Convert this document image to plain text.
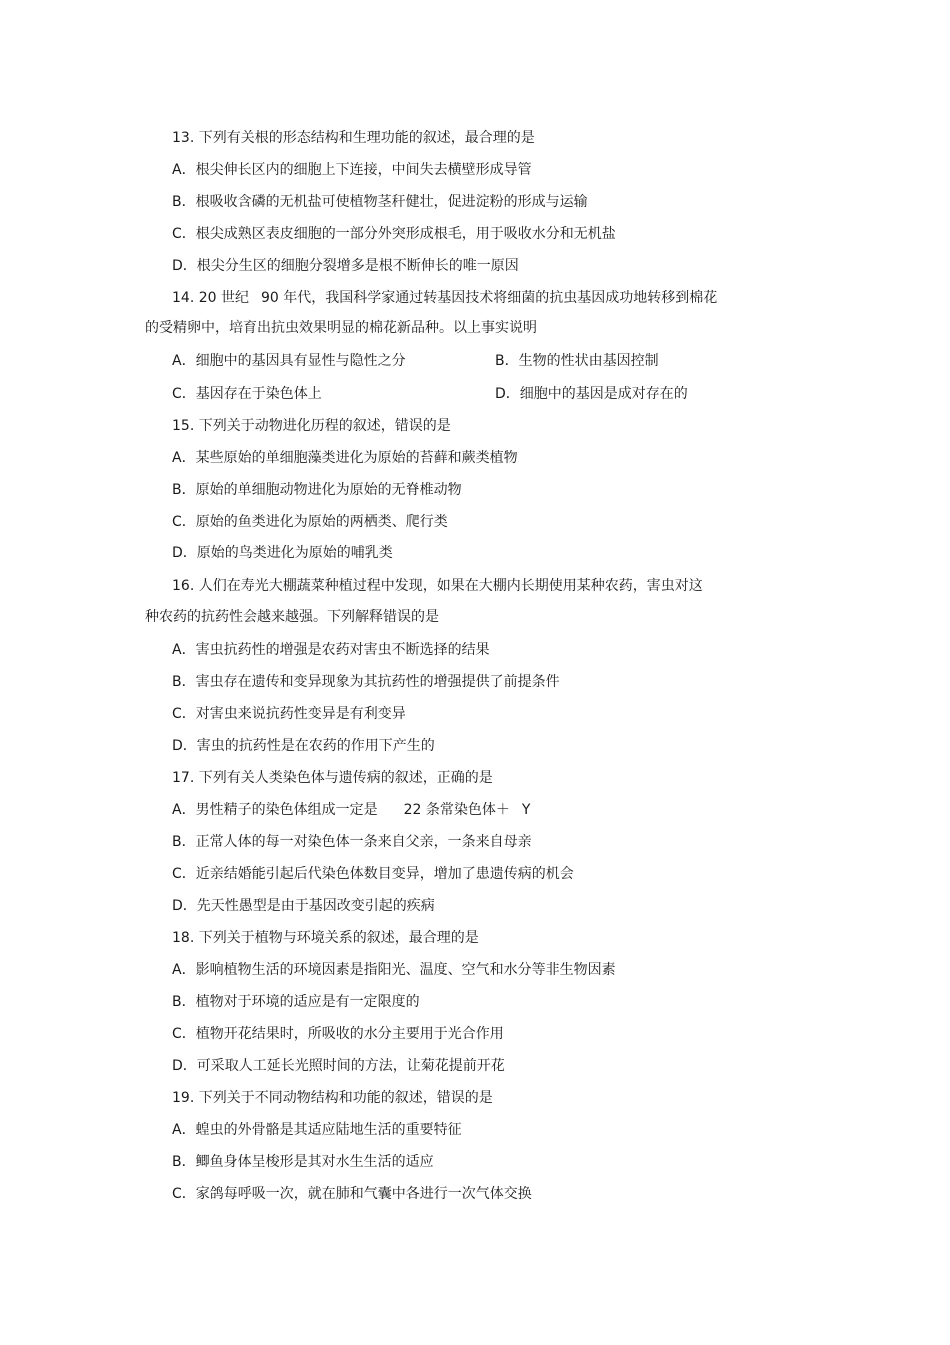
13. 下列有关根的形态结构和生理功能的叙述，最合理的是
A．根尖伸长区内的细胞上下连接，中间失去横壁形成导管
B．根吸收含磷的无机盐可使植物茎秆健壮，促进淀粉的形成与运输
C．根尖成熟区表皮细胞的一部分外突形成根毛，用于吸收水分和无机盐
D．根尖分生区的细胞分裂增多是根不断伸长的唯一原因
14. 20 世纪 90 年代，我国科学家通过转基因技术将细菌的抗虫基因成功地转移到棉花
的受精卵中，培育出抗虫效果明显的棉花新品种。以上事实说明
A．细胞中的基因具有显性与隐性之分	B．生物的性状由基因控制
C．基因存在于染色体上	D．细胞中的基因是成对存在的
15. 下列关于动物进化历程的叙述，错误的是
A．某些原始的单细胞藻类进化为原始的苔藓和蕨类植物
B．原始的单细胞动物进化为原始的无脊椎动物
C．原始的鱼类进化为原始的两栖类、爬行类
D．原始的鸟类进化为原始的哺乳类
16. 人们在寿光大棚蔬菜种植过程中发现，如果在大棚内长期使用某种农药，害虫对这
种农药的抗药性会越来越强。下列解释错误的是
A．害虫抗药性的增强是农药对害虫不断选择的结果
B．害虫存在遗传和变异现象为其抗药性的增强提供了前提条件
C．对害虫来说抗药性变异是有利变异
D．害虫的抗药性是在农药的作用下产生的
17. 下列有关人类染色体与遗传病的叙述，正确的是
A．男性精子的染色体组成一定是 22 条常染色体＋ Y
B．正常人体的每一对染色体一条来自父亲，一条来自母亲
C．近亲结婚能引起后代染色体数目变异，增加了患遗传病的机会
D．先天性愚型是由于基因改变引起的疾病
18. 下列关于植物与环境关系的叙述，最合理的是
A．影响植物生活的环境因素是指阳光、温度、空气和水分等非生物因素
B．植物对于环境的适应是有一定限度的
C．植物开花结果时，所吸收的水分主要用于光合作用
D．可采取人工延长光照时间的方法，让菊花提前开花
19. 下列关于不同动物结构和功能的叙述，错误的是
A．蝗虫的外骨骼是其适应陆地生活的重要特征
B．鲫鱼身体呈梭形是其对水生生活的适应
C．家鸽每呼吸一次，就在肺和气囊中各进行一次气体交换
